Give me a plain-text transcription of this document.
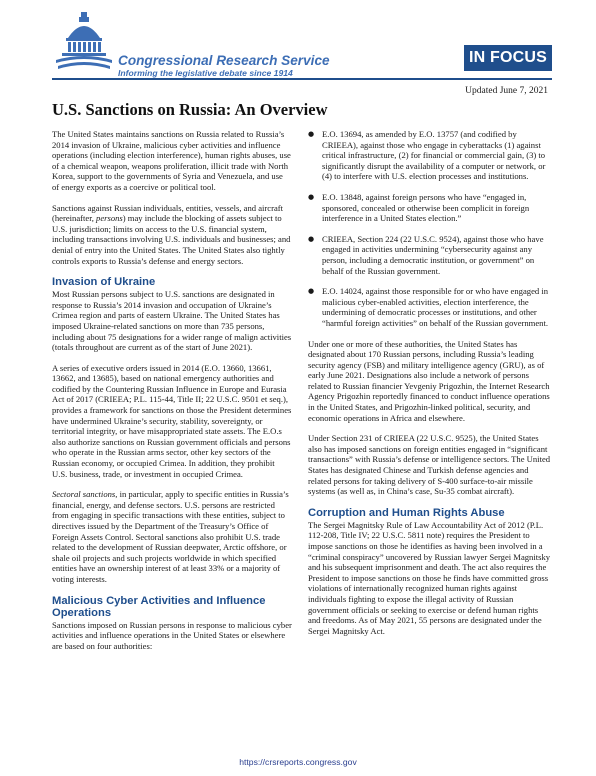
Congressional Research Service
Informing the legislative debate since 1914
IN FOCUS
Updated June 7, 2021
U.S. Sanctions on Russia: An Overview

The United States maintains sanctions on Russia related to Russia’s 2014 invasion of Ukraine, malicious cyber activities and influence operations (including election interference), human rights abuses, use of a chemical weapon, weapons proliferation, illicit trade with North Korea, support to the governments of Syria and Venezuela, and use of energy exports as a coercive or political tool.

Sanctions against Russian individuals, entities, vessels, and aircraft (hereinafter, persons) may include the blocking of assets subject to U.S. jurisdiction; limits on access to the U.S. financial system, including transactions involving U.S. individuals and businesses; and denial of entry into the United States. The United States also tightly controls exports to Russia’s defense and energy sectors.

Invasion of Ukraine

Most Russian persons subject to U.S. sanctions are designated in response to Russia’s 2014 invasion and occupation of Ukraine’s Crimea region and parts of eastern Ukraine. The United States has imposed Ukraine-related sanctions on more than 735 persons, including about 75 designations for a wider range of malign activities (totals throughout are current as of the start of June 2021).

A series of executive orders issued in 2014 (E.O. 13660, 13661, 13662, and 13685), based on national emergency authorities and codified by the Countering Russian Influence in Europe and Eurasia Act of 2017 (CRIEEA; P.L. 115-44, Title II; 22 U.S.C. 9501 et seq.), provides a framework for sanctions on those the President determines have undermined Ukraine’s security, stability, sovereignty, or territorial integrity, or have misappropriated state assets. The E.O.s also authorize sanctions on Russian government officials and persons who operate in the Russian arms sector, other key sectors of the Russian economy, or occupied Crimea. In addition, they prohibit U.S. business, trade, or investment in occupied Crimea.

Sectoral sanctions, in particular, apply to specific entities in Russia’s financial, energy, and defense sectors. U.S. persons are restricted from engaging in specific transactions with these entities, subject to directives issued by the Department of the Treasury’s Office of Foreign Assets Control. Sectoral sanctions also prohibit U.S. trade related to the development of Russian deepwater, Arctic offshore, or shale oil projects and such projects worldwide in which specified entities have an ownership interest of at least 33% or a majority of voting interests.

Malicious Cyber Activities and Influence Operations

Sanctions imposed on Russian persons in response to malicious cyber activities and influence operations in the United States or elsewhere are based on four authorities:

● E.O. 13694, as amended by E.O. 13757 (and codified by CRIEEA), against those who engage in cyberattacks (1) against critical infrastructure, (2) for financial or commercial gain, (3) to significantly disrupt the availability of a computer or network, or (4) to interfere with U.S. election processes and institutions.
● E.O. 13848, against foreign persons who have “engaged in, sponsored, concealed or otherwise been complicit in foreign interference in a United States election.”
● CRIEEA, Section 224 (22 U.S.C. 9524), against those who have engaged in activities undermining “cybersecurity against any person, including a democratic institution, or government” on behalf of the Russian government.
● E.O. 14024, against those responsible for or who have engaged in malicious cyber-enabled activities, election interference, the undermining of democratic processes or institutions, and other “harmful foreign activities” on behalf of the Russian government.

Under one or more of these authorities, the United States has designated about 170 Russian persons, including Russia’s leading security agency (FSB) and military intelligence agency (GRU), as of early June 2021. Designations also include a network of persons related to Russian financier Yevgeniy Prigozhin, the Internet Research Agency Prigozhin reportedly financed to conduct influence operations in the United States, and Prigozhin-linked political, security, and economic operations in Africa and elsewhere.

Under Section 231 of CRIEEA (22 U.S.C. 9525), the United States also has imposed sanctions on foreign entities engaged in “significant transactions” with Russia’s defense or intelligence sectors. The United States has designated Chinese and Turkish defense agencies and related persons for taking delivery of S-400 surface-to-air missile systems (as well as, in China’s case, Su-35 combat aircraft).

Corruption and Human Rights Abuse

The Sergei Magnitsky Rule of Law Accountability Act of 2012 (P.L. 112-208, Title IV; 22 U.S.C. 5811 note) requires the President to impose sanctions on those he identifies as having been involved in a “criminal conspiracy” uncovered by Russian lawyer Sergei Magnitsky and his subsequent imprisonment and death. The act also requires the President to impose sanctions on those he finds have committed gross violations of internationally recognized human rights against individuals fighting to expose the illegal activity of Russian government officials or seeking to exercise or defend human rights and freedoms. As of May 2021, 55 persons are designated under the Sergei Magnitsky Act.

https://crsreports.congress.gov
